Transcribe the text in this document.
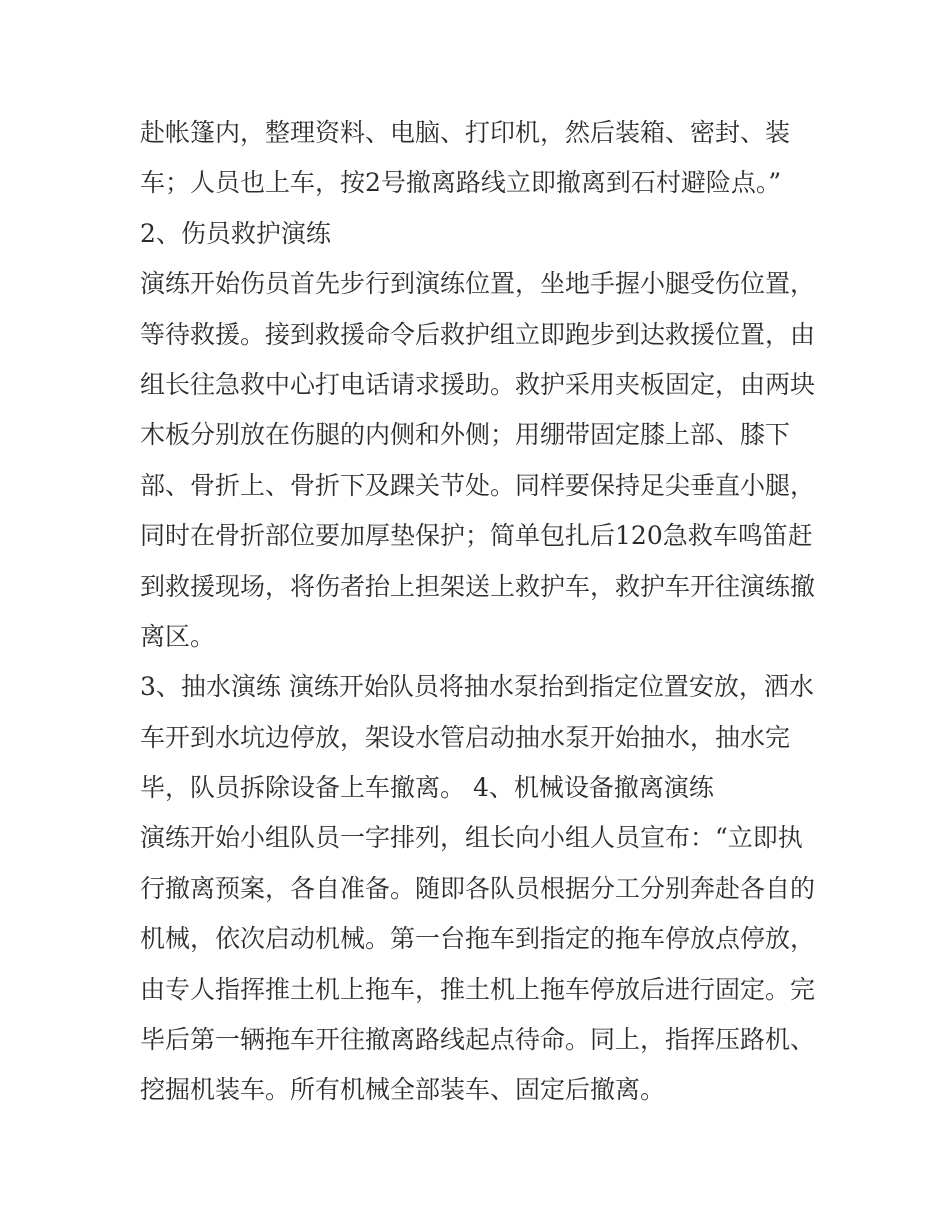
赴帐篷内，整理资料、电脑、打印机，然后装箱、密封、装
车；人员也上车，按2号撤离路线立即撤离到石村避险点。”
2、伤员救护演练
演练开始伤员首先步行到演练位置，坐地手握小腿受伤位置，
等待救援。接到救援命令后救护组立即跑步到达救援位置，由
组长往急救中心打电话请求援助。救护采用夹板固定，由两块
木板分别放在伤腿的内侧和外侧；用绷带固定膝上部、膝下
部、骨折上、骨折下及踝关节处。同样要保持足尖垂直小腿，
同时在骨折部位要加厚垫保护；简单包扎后120急救车鸣笛赶
到救援现场，将伤者抬上担架送上救护车，救护车开往演练撤
离区。
3、抽水演练 演练开始队员将抽水泵抬到指定位置安放，洒水
车开到水坑边停放，架设水管启动抽水泵开始抽水，抽水完
毕，队员拆除设备上车撤离。 4、机械设备撤离演练
演练开始小组队员一字排列，组长向小组人员宣布：“立即执
行撤离预案，各自准备。随即各队员根据分工分别奔赴各自的
机械，依次启动机械。第一台拖车到指定的拖车停放点停放，
由专人指挥推土机上拖车，推土机上拖车停放后进行固定。完
毕后第一辆拖车开往撤离路线起点待命。同上，指挥压路机、
挖掘机装车。所有机械全部装车、固定后撤离。
